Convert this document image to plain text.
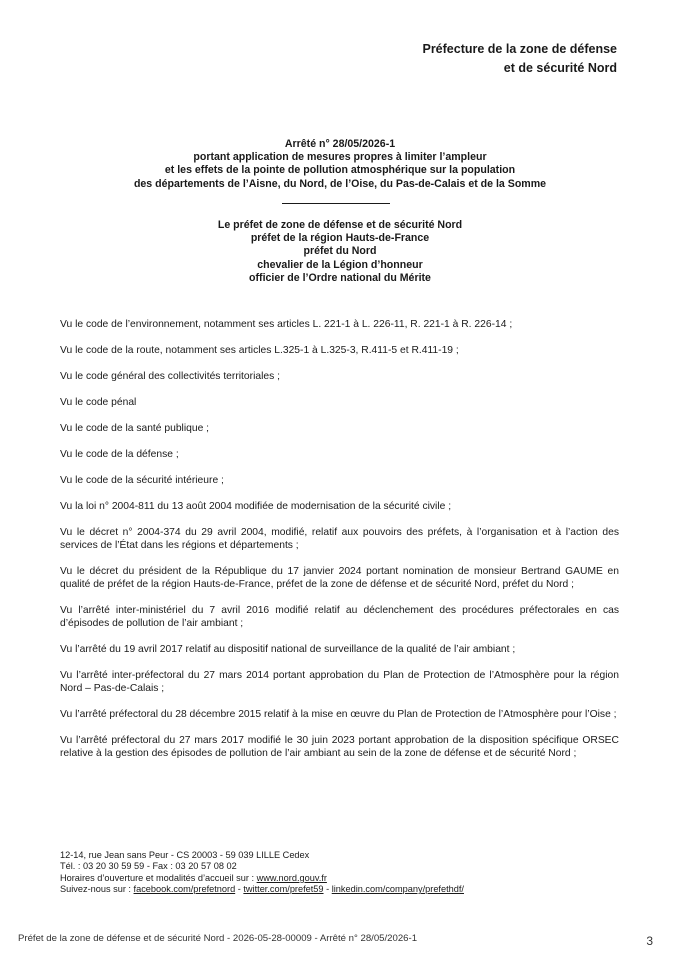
Préfecture de la zone de défense
et de sécurité Nord
Arrêté n° 28/05/2026-1
portant application de mesures propres à limiter l’ampleur
et les effets de la pointe de pollution atmosphérique sur la population
des départements de l’Aisne, du Nord, de l’Oise, du Pas-de-Calais et de la Somme
Le préfet de zone de défense et de sécurité Nord
préfet de la région Hauts-de-France
préfet du Nord
chevalier de la Légion d’honneur
officier de l’Ordre national du Mérite

Vu le code de l’environnement, notamment ses articles L. 221-1 à L. 226-11, R. 221-1 à R. 226-14 ;

Vu le code de la route, notamment ses articles L.325-1 à L.325-3, R.411-5 et R.411-19 ;

Vu le code général des collectivités territoriales ;

Vu le code pénal

Vu le code de la santé publique ;

Vu le code de la défense ;

Vu le code de la sécurité intérieure ;

Vu la loi n° 2004-811 du 13 août 2004 modifiée de modernisation de la sécurité civile ;

Vu le décret n° 2004-374 du 29 avril 2004, modifié, relatif aux pouvoirs des préfets, à l’organisation et à l’action des services de l’État dans les régions et départements ;

Vu le décret du président de la République du 17 janvier 2024 portant nomination de monsieur Bertrand GAUME en qualité de préfet de la région Hauts-de-France, préfet de la zone de défense et de sécurité Nord, préfet du Nord ;

Vu l’arrêté inter-ministériel du 7 avril 2016 modifié relatif au déclenchement des procédures préfectorales en cas d’épisodes de pollution de l’air ambiant ;

Vu l’arrêté du 19 avril 2017 relatif au dispositif national de surveillance de la qualité de l’air ambiant ;

Vu l’arrêté inter-préfectoral du 27 mars 2014 portant approbation du Plan de Protection de l’Atmosphère pour la région Nord – Pas-de-Calais ;

Vu l’arrêté préfectoral du 28 décembre 2015 relatif à la mise en œuvre du Plan de Protection de l’Atmosphère pour l’Oise ;

Vu l’arrêté préfectoral du 27 mars 2017 modifié le 30 juin 2023 portant approbation de la disposition spécifique ORSEC relative à la gestion des épisodes de pollution de l’air ambiant au sein de la zone de défense et de sécurité Nord ;

12-14, rue Jean sans Peur - CS 20003 - 59 039 LILLE Cedex
Tél. : 03 20 30 59 59 - Fax : 03 20 57 08 02
Horaires d’ouverture et modalités d’accueil sur : www.nord.gouv.fr
Suivez-nous sur : facebook.com/prefetnord - twitter.com/prefet59 - linkedin.com/company/prefethdf/
Préfet de la zone de défense et de sécurité Nord - 2026-05-28-00009 - Arrêté n° 28/05/2026-1	3
